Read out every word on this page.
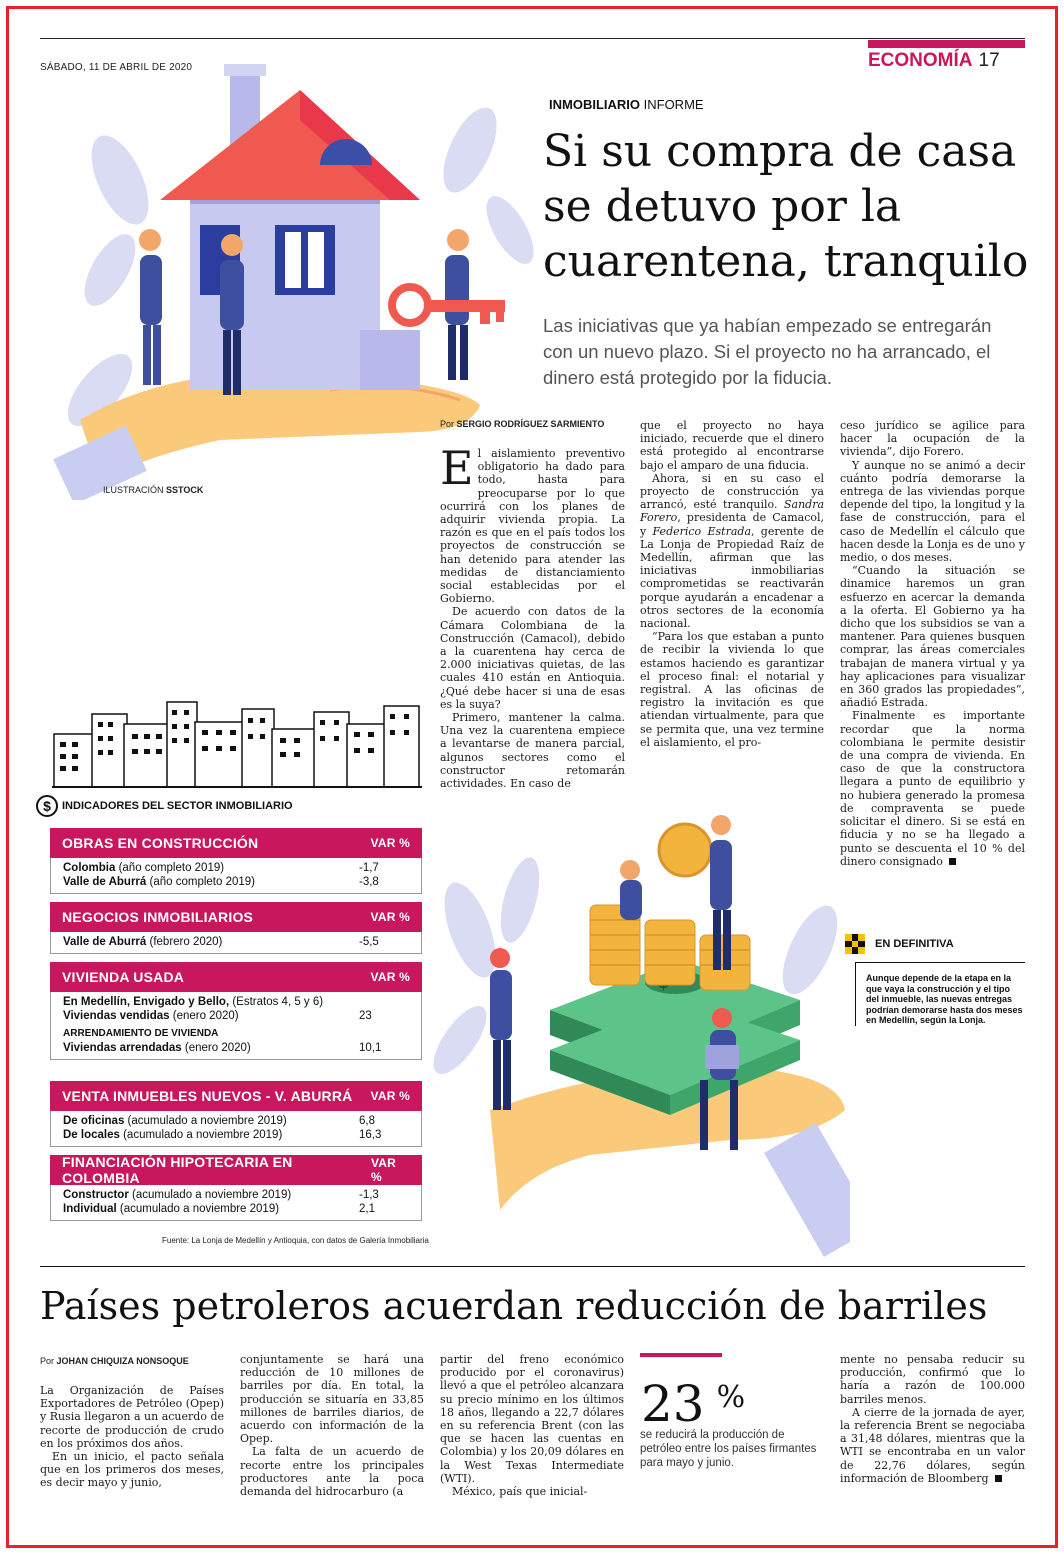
SÁBADO, 11 DE ABRIL DE 2020	ECONOMÍA 17
ILUSTRACIÓN SSTOCK
INMOBILIARIO INFORME
Si su compra de casa se detuvo por la cuarentena, tranquilo
Las iniciativas que ya habían empezado se entregarán con un nuevo plazo. Si el proyecto no ha arrancado, el dinero está protegido por la fiducia.
Por SERGIO RODRÍGUEZ SARMIENTO

El aislamiento preventivo obligatorio ha dado para todo, hasta para preocuparse por lo que ocurrirá con los planes de adquirir vivienda propia. La razón es que en el país todos los proyectos de construcción se han detenido para atender las medidas de distanciamiento social establecidas por el Gobierno.

De acuerdo con datos de la Cámara Colombiana de la Construcción (Camacol), debido a la cuarentena hay cerca de 2.000 iniciativas quietas, de las cuales 410 están en Antioquia. ¿Qué debe hacer si una de esas es la suya?

Primero, mantener la calma. Una vez la cuarentena empiece a levantarse de manera parcial, algunos sectores como el constructor retomarán actividades. En caso de

que el proyecto no haya iniciado, recuerde que el dinero está protegido al encontrarse bajo el amparo de una fiducia.

Ahora, si en su caso el proyecto de construcción ya arrancó, esté tranquilo. Sandra Forero, presidenta de Camacol, y Federico Estrada, gerente de La Lonja de Propiedad Raíz de Medellín, afirman que las iniciativas inmobiliarias comprometidas se reactivarán porque ayudarán a encadenar a otros sectores de la economía nacional.

“Para los que estaban a punto de recibir la vivienda lo que estamos haciendo es garantizar el proceso final: el notarial y registral. A las oficinas de registro la invitación es que atiendan virtualmente, para que se permita que, una vez termine el aislamiento, el pro-

ceso jurídico se agilice para hacer la ocupación de la vivienda”, dijo Forero.

Y aunque no se animó a decir cuánto podría demorarse la entrega de las viviendas porque depende del tipo, la longitud y la fase de construcción, para el caso de Medellín el cálculo que hacen desde la Lonja es de uno y medio, o dos meses.

“Cuando la situación se dinamice haremos un gran esfuerzo en acercar la demanda a la oferta. El Gobierno ya ha dicho que los subsidios se van a mantener. Para quienes busquen comprar, las áreas comerciales trabajan de manera virtual y ya hay aplicaciones para visualizar en 360 grados las propiedades”, añadió Estrada.

Finalmente es importante recordar que la norma colombiana le permite desistir de una compra de vivienda. En caso de que la constructora llegara a punto de equilibrio y no hubiera generado la promesa de compraventa se puede solicitar el dinero. Si se está en fiducia y no se ha llegado a punto se descuenta el 10 % del dinero consignado

$	INDICADORES DEL SECTOR INMOBILIARIO
OBRAS EN CONSTRUCCIÓN	VAR %
Colombia (año completo 2019)	-1,7
Valle de Aburrá (año completo 2019)	-3,8
NEGOCIOS INMOBILIARIOS	VAR %
Valle de Aburrá (febrero 2020)	-5,5
VIVIENDA USADA	VAR %
En Medellín, Envigado y Bello, (Estratos 4, 5 y 6)
Viviendas vendidas (enero 2020)	23
ARRENDAMIENTO DE VIVIENDA
Viviendas arrendadas (enero 2020)	10,1
VENTA INMUEBLES NUEVOS - V. ABURRÁ VAR %
De oficinas (acumulado a noviembre 2019)	6,8
De locales (acumulado a noviembre 2019)	16,3
FINANCIACIÓN HIPOTECARIA EN COLOMBIA
VAR %
Constructor (acumulado a noviembre 2019)	-1,3
Individual (acumulado a noviembre 2019)	2,1
Fuente: La Lonja de Medellín y Antioquia, con datos de Galería Inmobiliaria
EN DEFINITIVA
Aunque depende de la etapa en la que vaya la construcción y el tipo del inmueble, las nuevas entregas podrían demorarse hasta dos meses en Medellín, según la Lonja.
Países petroleros acuerdan reducción de barriles
Por JOHAN CHIQUIZA NONSOQUE

La Organización de Países Exportadores de Petróleo (Opep) y Rusia llegaron a un acuerdo de recorte de producción de crudo en los próximos dos años.

En un inicio, el pacto señala que en los primeros dos meses, es decir mayo y junio,

conjuntamente se hará una reducción de 10 millones de barriles por día. En total, la producción se situaría en 33,85 millones de barriles diarios, de acuerdo con información de la Opep.

La falta de un acuerdo de recorte entre los principales productores ante la poca demanda del hidrocarburo (a

partir del freno económico producido por el coronavirus) llevó a que el petróleo alcanzara su precio mínimo en los últimos 18 años, llegando a 22,7 dólares en su referencia Brent (con las que se hacen las cuentas en Colombia) y los 20,09 dólares en la West Texas Intermediate (WTI).

México, país que inicial-

23 %
se reducirá la producción de petróleo entre los países firmantes para mayo y junio.

mente no pensaba reducir su producción, confirmó que lo haría a razón de 100.000 barriles menos.

A cierre de la jornada de ayer, la referencia Brent se negociaba a 31,48 dólares, mientras que la WTI se encontraba en un valor de 22,76 dólares, según información de Bloomberg
